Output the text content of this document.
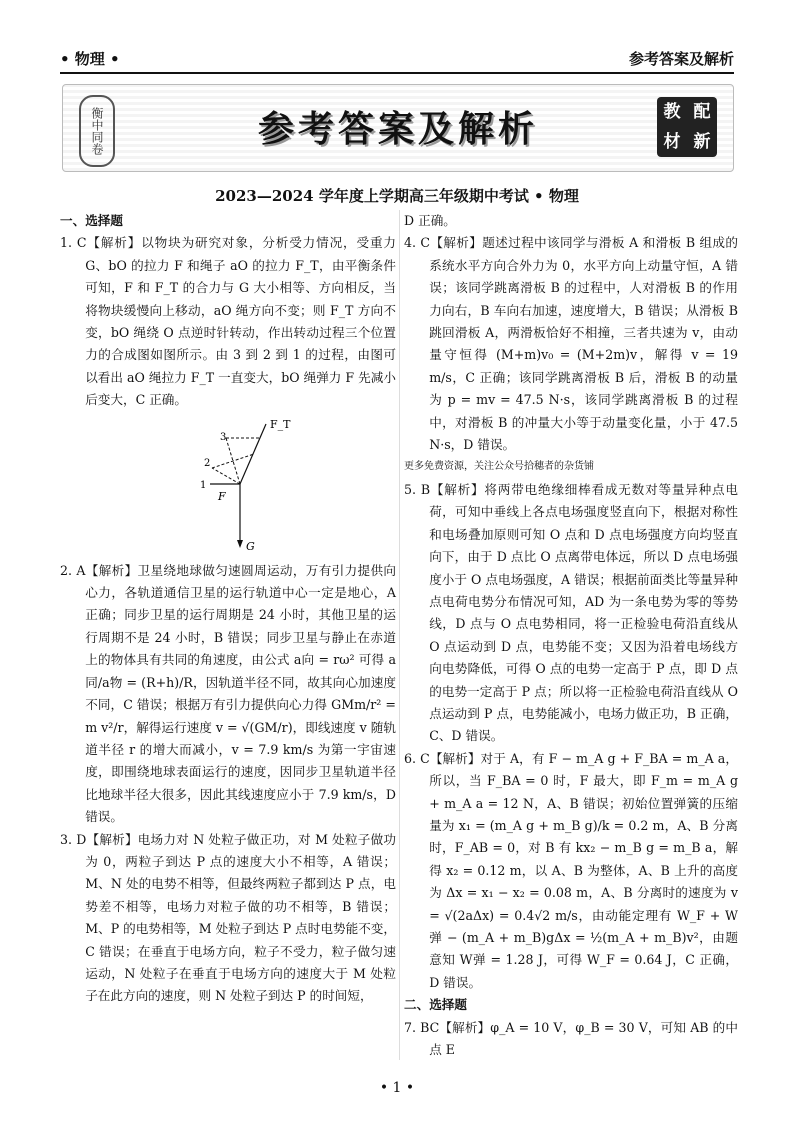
• 物理 •	参考答案及解析
衡中同卷	参考答案及解析	教 配
材 新
2023—2024 学年度上学期高三年级期中考试 • 物理
一、选择题
1. C【解析】以物块为研究对象，分析受力情况，受重力 G、bO 的拉力 F 和绳子 aO 的拉力 F_T，由平衡条件可知，F 和 F_T 的合力与 G 大小相等、方向相反，当将物块缓慢向上移动，aO 绳方向不变；则 F_T 方向不变，bO 绳绕 O 点逆时针转动，作出转动过程三个位置力的合成图如图所示。由 3 到 2 到 1 的过程，由图可以看出 aO 绳拉力 F_T 一直变大，bO 绳弹力 F 先减小后变大，C 正确。
F_T
3
2
1
F
G
2. A【解析】卫星绕地球做匀速圆周运动，万有引力提供向心力，各轨道通信卫星的运行轨道中心一定是地心，A 正确；同步卫星的运行周期是 24 小时，其他卫星的运行周期不是 24 小时，B 错误；同步卫星与静止在赤道上的物体具有共同的角速度，由公式 a向 = rω² 可得 a同/a物 = (R+h)/R，因轨道半径不同，故其向心加速度不同，C 错误；根据万有引力提供向心力得 GMm/r² = m v²/r，解得运行速度 v = √(GM/r)，即线速度 v 随轨道半径 r 的增大而减小，v = 7.9 km/s 为第一宇宙速度，即围绕地球表面运行的速度，因同步卫星轨道半径比地球半径大很多，因此其线速度应小于 7.9 km/s，D 错误。
3. D【解析】电场力对 N 处粒子做正功，对 M 处粒子做功为 0，两粒子到达 P 点的速度大小不相等，A 错误；M、N 处的电势不相等，但最终两粒子都到达 P 点，电势差不相等，电场力对粒子做的功不相等，B 错误；M、P 的电势相等，M 处粒子到达 P 点时电势能不变，C 错误；在垂直于电场方向，粒子不受力，粒子做匀速运动，N 处粒子在垂直于电场方向的速度大于 M 处粒子在此方向的速度，则 N 处粒子到达 P 的时间短，
D 正确。
4. C【解析】题述过程中该同学与滑板 A 和滑板 B 组成的系统水平方向合外力为 0，水平方向上动量守恒，A 错误；该同学跳离滑板 B 的过程中，人对滑板 B 的作用力向右，B 车向右加速，速度增大，B 错误；从滑板 B 跳回滑板 A，两滑板恰好不相撞，三者共速为 v，由动量守恒得 (M+m)v₀ = (M+2m)v，解得 v = 19 m/s，C 正确；该同学跳离滑板 B 后，滑板 B 的动量为 p = mv = 47.5 N·s，该同学跳离滑板 B 的过程中，对滑板 B 的冲量大小等于动量变化量，小于 47.5 N·s，D 错误。
更多免费资源，关注公众号拾穗者的杂货铺
5. B【解析】将两带电绝缘细棒看成无数对等量异种点电荷，可知中垂线上各点电场强度竖直向下，根据对称性和电场叠加原则可知 O 点和 D 点电场强度方向均竖直向下，由于 D 点比 O 点离带电体远，所以 D 点电场强度小于 O 点电场强度，A 错误；根据前面类比等量异种点电荷电势分布情况可知，AD 为一条电势为零的等势线，D 点与 O 点电势相同，将一正检验电荷沿直线从 O 点运动到 D 点，电势能不变；又因为沿着电场线方向电势降低，可得 O 点的电势一定高于 P 点，即 D 点的电势一定高于 P 点；所以将一正检验电荷沿直线从 O 点运动到 P 点，电势能减小，电场力做正功，B 正确，C、D 错误。
6. C【解析】对于 A，有 F − m_A g + F_BA = m_A a，所以，当 F_BA = 0 时，F 最大，即 F_m = m_A g + m_A a = 12 N，A、B 错误；初始位置弹簧的压缩量为 x₁ = (m_A g + m_B g)/k = 0.2 m，A、B 分离时，F_AB = 0，对 B 有 kx₂ − m_B g = m_B a，解得 x₂ = 0.12 m，以 A、B 为整体，A、B 上升的高度为 Δx = x₁ − x₂ = 0.08 m，A、B 分离时的速度为 v = √(2aΔx) = 0.4√2 m/s，由动能定理有 W_F + W弹 − (m_A + m_B)gΔx = ½(m_A + m_B)v²，由题意知 W弹 = 1.28 J，可得 W_F = 0.64 J，C 正确，D 错误。
二、选择题
7. BC【解析】φ_A = 10 V，φ_B = 30 V，可知 AB 的中点 E
• 1 •
